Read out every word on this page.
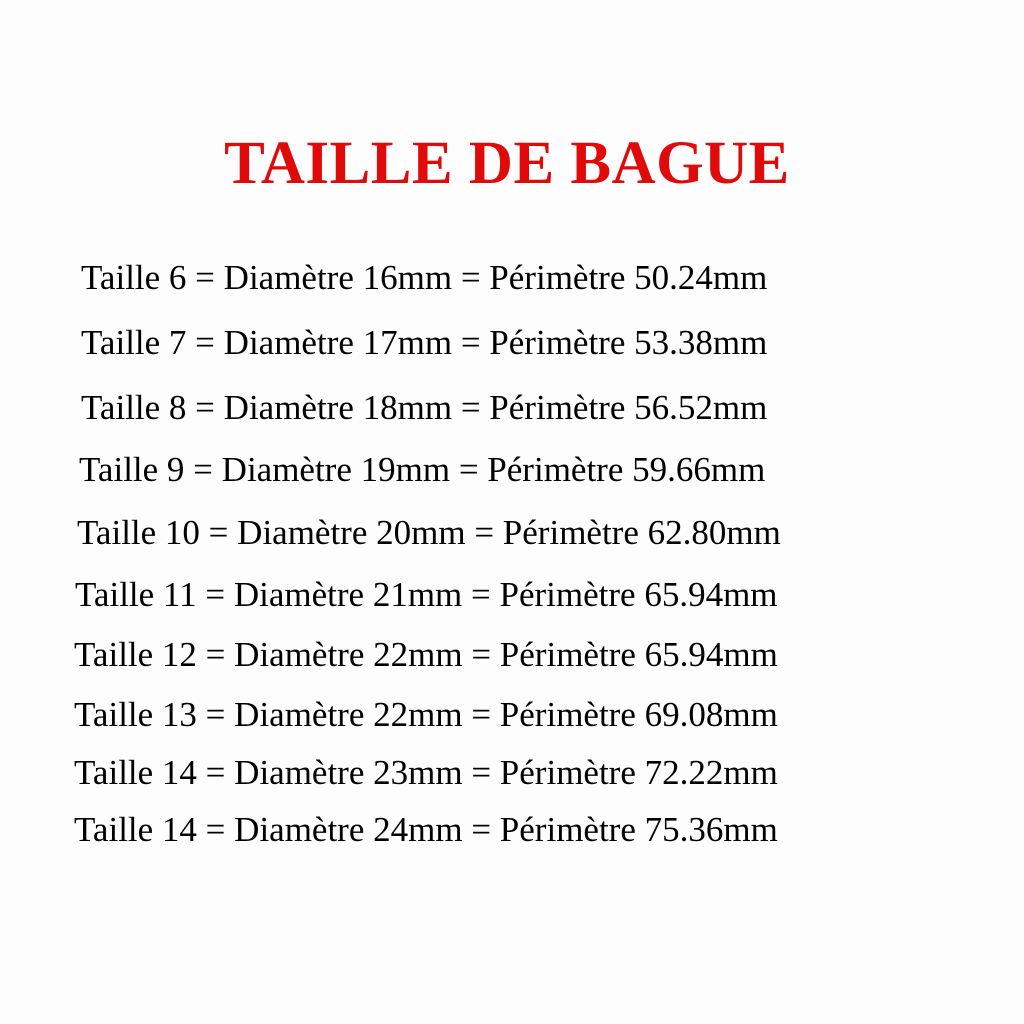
TAILLE DE BAGUE

Taille 6 = Diamètre 16mm = Périmètre 50.24mm

Taille 7 = Diamètre 17mm = Périmètre 53.38mm

Taille 8 = Diamètre 18mm = Périmètre 56.52mm

Taille 9 = Diamètre 19mm = Périmètre 59.66mm

Taille 10 = Diamètre 20mm = Périmètre 62.80mm

Taille 11 = Diamètre 21mm = Périmètre 65.94mm

Taille 12 = Diamètre 22mm = Périmètre 65.94mm

Taille 13 = Diamètre 22mm = Périmètre 69.08mm

Taille 14 = Diamètre 23mm = Périmètre 72.22mm

Taille 14 = Diamètre 24mm = Périmètre 75.36mm
